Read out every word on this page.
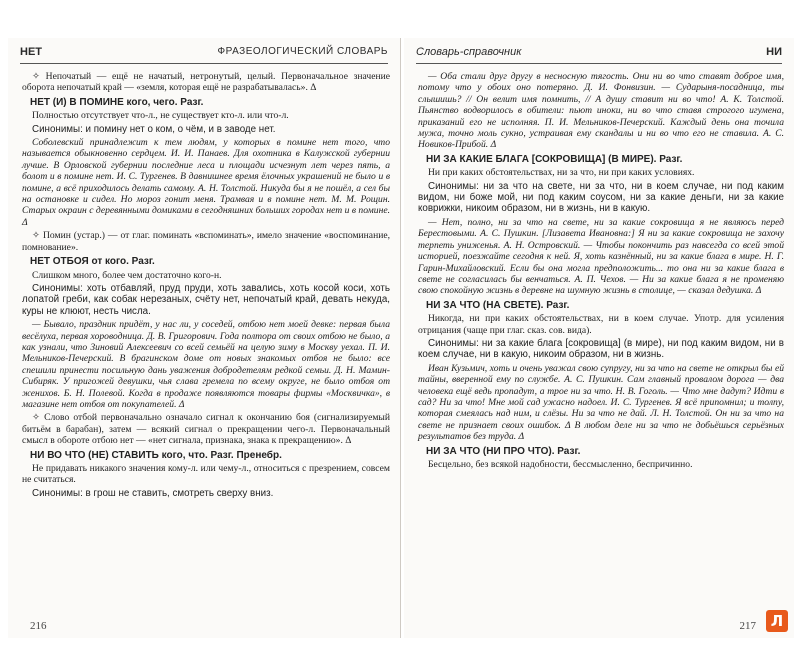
НЕТ	ФРАЗЕОЛОГИЧЕСКИЙ СЛОВАРЬ

✧ Непочатый — ещё не начатый, нетронутый, целый. Первоначальное значение оборота непочатый край — «земля, которая ещё не разрабатывалась». Δ

НЕТ (И) В ПОМИНЕ кого, чего. Разг.

Полностью отсутствует что-л., не существует кто-л. или что-л.

Синонимы: и помину нет о ком, о чём, и в заводе нет.

Соболевский принадлежит к тем людям, у которых в помине нет того, что называется обыкновенно сердцем. И. И. Панаев. Для охотника в Калужской губернии лучше. В Орловской губернии последние леса и площади исчезнут лет через пять, а болот и в помине нет. И. С. Тургенев. В давнишнее время ёлочных украшений не было и в помине, а всё приходилось делать самому. А. Н. Толстой. Никуда бы я не пошёл, а сел бы на остановке и сидел. Но мороз гонит меня. Трамвая и в помине нет. М. М. Рощин. Старых окраин с деревянными домиками в сегодняшних больших городах нет и в помине. Δ

✧ Помин (устар.) — от глаг. поминать «вспоминать», имело значение «воспоминание, помнование».

НЕТ ОТБОЯ от кого. Разг.

Слишком много, более чем достаточно кого-н.

Синонимы: хоть отбавляй, пруд пруди, хоть завались, хоть косой коси, хоть лопатой греби, как собак нерезаных, счёту нет, непочатый край, девать некуда, куры не клюют, несть числа.

— Бывало, праздник придёт, у нас ли, у соседей, отбою нет моей девке: первая была весёлуха, первая хороводница. Д. В. Григорович. Года полтора от своих отбою не было, а как узнали, что Зиновий Алексеевич со всей семьёй на целую зиму в Москву уехал. П. И. Мельников-Печерский. В брагинском доме от новых знакомых отбоя не было: все спешили принести посильную дань уважения добродетелям редкой семьи. Д. Н. Мамин-Сибиряк. У пригожей девушки, чья слава гремела по всему округе, не было отбоя от женихов. Б. Н. Полевой. Когда в продаже появляются товары фирмы «Москвичка», в магазине нет отбоя от покупателей. Δ

✧ Слово отбой первоначально означало сигнал к окончанию боя (сигнализируемый битьём в барабан), затем — всякий сигнал о прекращении чего-л. Первоначальный смысл в обороте отбою нет — «нет сигнала, признака, знака к прекращению». Δ

НИ ВО ЧТО (НЕ) СТАВИТЬ кого, что. Разг. Пренебр.

Не придавать никакого значения кому-л. или чему-л., относиться с презрением, совсем не считаться.

Синонимы: в грош не ставить, смотреть сверху вниз.

216
Словарь-справочник	НИ

— Оба стали друг другу в несносную тягость. Они ни во что ставят доброе имя, потому что у обоих оно потеряно. Д. И. Фонвизин. — Сударыня-посадница, ты слышишь? // Он велит имя помнить, // А душу ставит ни во что! А. К. Толстой. Пьянство водворилось в обители: пьют иноки, ни во что ставя строгого игумена, приказаний его не исполняя. П. И. Мельников-Печерский. Каждый день она точила мужа, точно моль сукно, устраивая ему скандалы и ни во что его не ставила. А. С. Новиков-Прибой. Δ

НИ ЗА КАКИЕ БЛАГА [СОКРОВИЩА] (В МИРЕ). Разг.

Ни при каких обстоятельствах, ни за что, ни при каких условиях.

Синонимы: ни за что на свете, ни за что, ни в коем случае, ни под каким видом, ни боже мой, ни под каким соусом, ни за какие деньги, ни за какие коврижки, никоим образом, ни в жизнь, ни в какую.

— Нет, полно, ни за что на свете, ни за какие сокровища я не являюсь перед Берестовыми. А. С. Пушкин. [Лизавета Ивановна:] Я ни за какие сокровища не захочу терпеть униженья. А. Н. Островский. — Чтобы покончить раз навсегда со всей этой историей, поезжайте сегодня к ней. Я, хоть казнённый, ни за какие блага в мире. Н. Г. Гарин-Михайловский. Если бы она могла предположить... то она ни за какие блага в свете не согласилась бы венчаться. А. П. Чехов. — Ни за какие блага я не променяю свою спокойную жизнь в деревне на шумную жизнь в столице, — сказал дедушка. Δ

НИ ЗА ЧТО (НА СВЕТЕ). Разг.

Никогда, ни при каких обстоятельствах, ни в коем случае. Употр. для усиления отрицания (чаще при глаг. сказ. сов. вида).

Синонимы: ни за какие блага [сокровища] (в мире), ни под каким видом, ни в коем случае, ни в какую, никоим образом, ни в жизнь.

Иван Кузьмич, хоть и очень уважал свою супругу, ни за что на свете не открыл бы ей тайны, вверенной ему по службе. А. С. Пушкин. Сам главный провалом дорога — два человека ещё ведь пропадут, а трое ни за что. Н. В. Гоголь. — Что мне дадут? Идти в сад? Ни за что! Мне мой сад ужасно надоел. И. С. Тургенев. Я всё припомнил; и толпу, которая смеялась над ним, и слёзы. Ни за что не дай. Л. Н. Толстой. Он ни за что на свете не признает своих ошибок. Δ В любом деле ни за что не добьёшься серьёзных результатов без труда. Δ

НИ ЗА ЧТО (НИ ПРО ЧТО). Разг.

Бесцельно, без всякой надобности, бессмысленно, беспричинно.

217 Л
